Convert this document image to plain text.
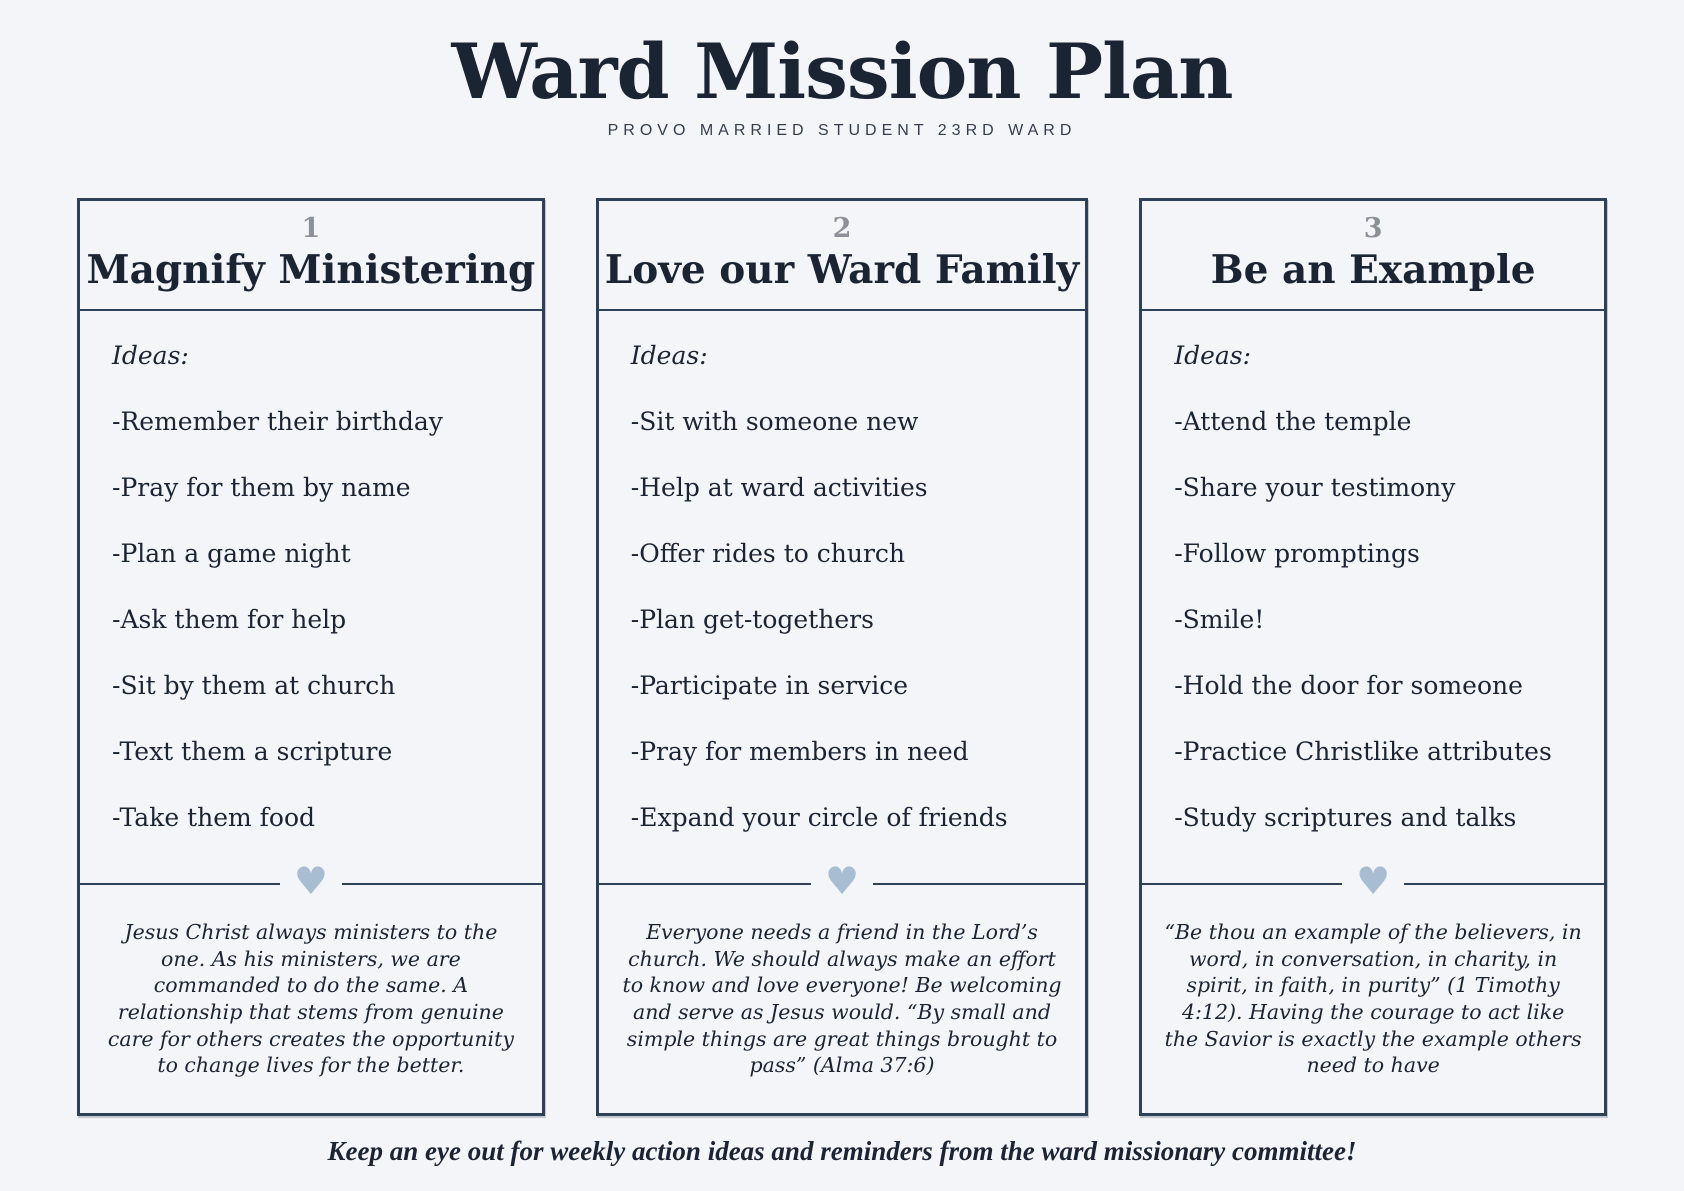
Ward Mission Plan
PROVO MARRIED STUDENT 23RD WARD
1
Magnify Ministering
Ideas:
-Remember their birthday
-Pray for them by name
-Plan a game night
-Ask them for help
-Sit by them at church
-Text them a scripture
-Take them food
♥
Jesus Christ always ministers to the one. As his ministers, we are commanded to do the same. A relationship that stems from genuine care for others creates the opportunity to change lives for the better.
2
Love our Ward Family
Ideas:
-Sit with someone new
-Help at ward activities
-Offer rides to church
-Plan get-togethers
-Participate in service
-Pray for members in need
-Expand your circle of friends
♥
Everyone needs a friend in the Lord’s church. We should always make an effort to know and love everyone! Be welcoming and serve as Jesus would. “By small and simple things are great things brought to pass” (Alma 37:6)
3
Be an Example
Ideas:
-Attend the temple
-Share your testimony
-Follow promptings
-Smile!
-Hold the door for someone
-Practice Christlike attributes
-Study scriptures and talks
♥
“Be thou an example of the believers, in word, in conversation, in charity, in spirit, in faith, in purity” (1 Timothy 4:12). Having the courage to act like the Savior is exactly the example others need to have
Keep an eye out for weekly action ideas and reminders from the ward missionary committee!
